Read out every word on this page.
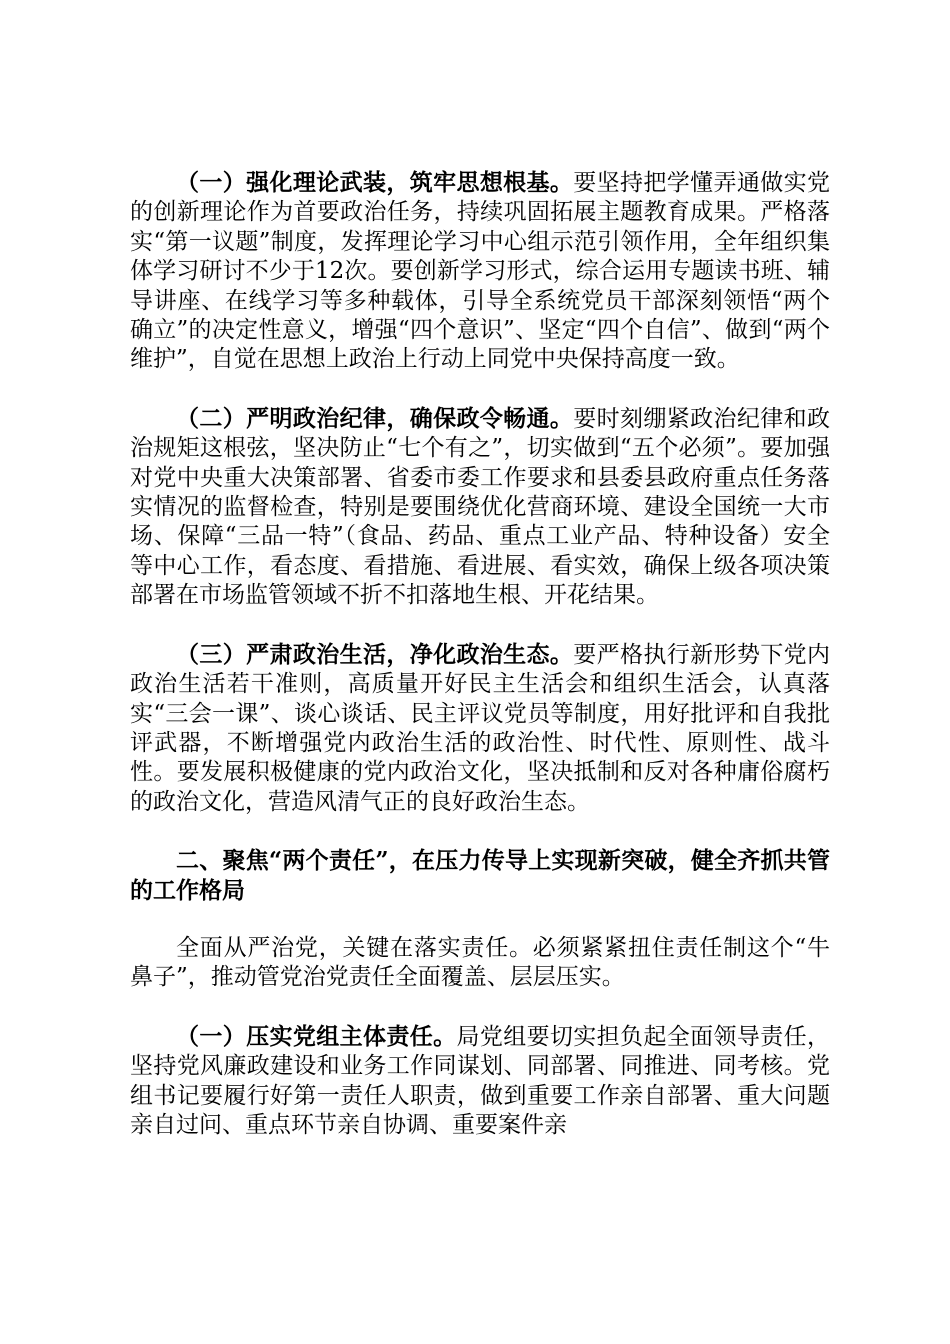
（一）强化理论武装，筑牢思想根基。要坚持把学懂弄通做实党的创新理论作为首要政治任务，持续巩固拓展主题教育成果。严格落实“第一议题”制度，发挥理论学习中心组示范引领作用，全年组织集体学习研讨不少于12次。要创新学习形式，综合运用专题读书班、辅导讲座、在线学习等多种载体，引导全系统党员干部深刻领悟“两个确立”的决定性意义，增强“四个意识”、坚定“四个自信”、做到“两个维护”，自觉在思想上政治上行动上同党中央保持高度一致。

（二）严明政治纪律，确保政令畅通。要时刻绷紧政治纪律和政治规矩这根弦，坚决防止“七个有之”，切实做到“五个必须”。要加强对党中央重大决策部署、省委市委工作要求和县委县政府重点任务落实情况的监督检查，特别是要围绕优化营商环境、建设全国统一大市场、保障“三品一特”（食品、药品、重点工业产品、特种设备）安全等中心工作，看态度、看措施、看进展、看实效，确保上级各项决策部署在市场监管领域不折不扣落地生根、开花结果。

（三）严肃政治生活，净化政治生态。要严格执行新形势下党内政治生活若干准则，高质量开好民主生活会和组织生活会，认真落实“三会一课”、谈心谈话、民主评议党员等制度，用好批评和自我批评武器，不断增强党内政治生活的政治性、时代性、原则性、战斗性。要发展积极健康的党内政治文化，坚决抵制和反对各种庸俗腐朽的政治文化，营造风清气正的良好政治生态。

二、聚焦“两个责任”，在压力传导上实现新突破，健全齐抓共管的工作格局

全面从严治党，关键在落实责任。必须紧紧扭住责任制这个“牛鼻子”，推动管党治党责任全面覆盖、层层压实。

（一）压实党组主体责任。局党组要切实担负起全面领导责任，坚持党风廉政建设和业务工作同谋划、同部署、同推进、同考核。党组书记要履行好第一责任人职责，做到重要工作亲自部署、重大问题亲自过问、重点环节亲自协调、重要案件亲
